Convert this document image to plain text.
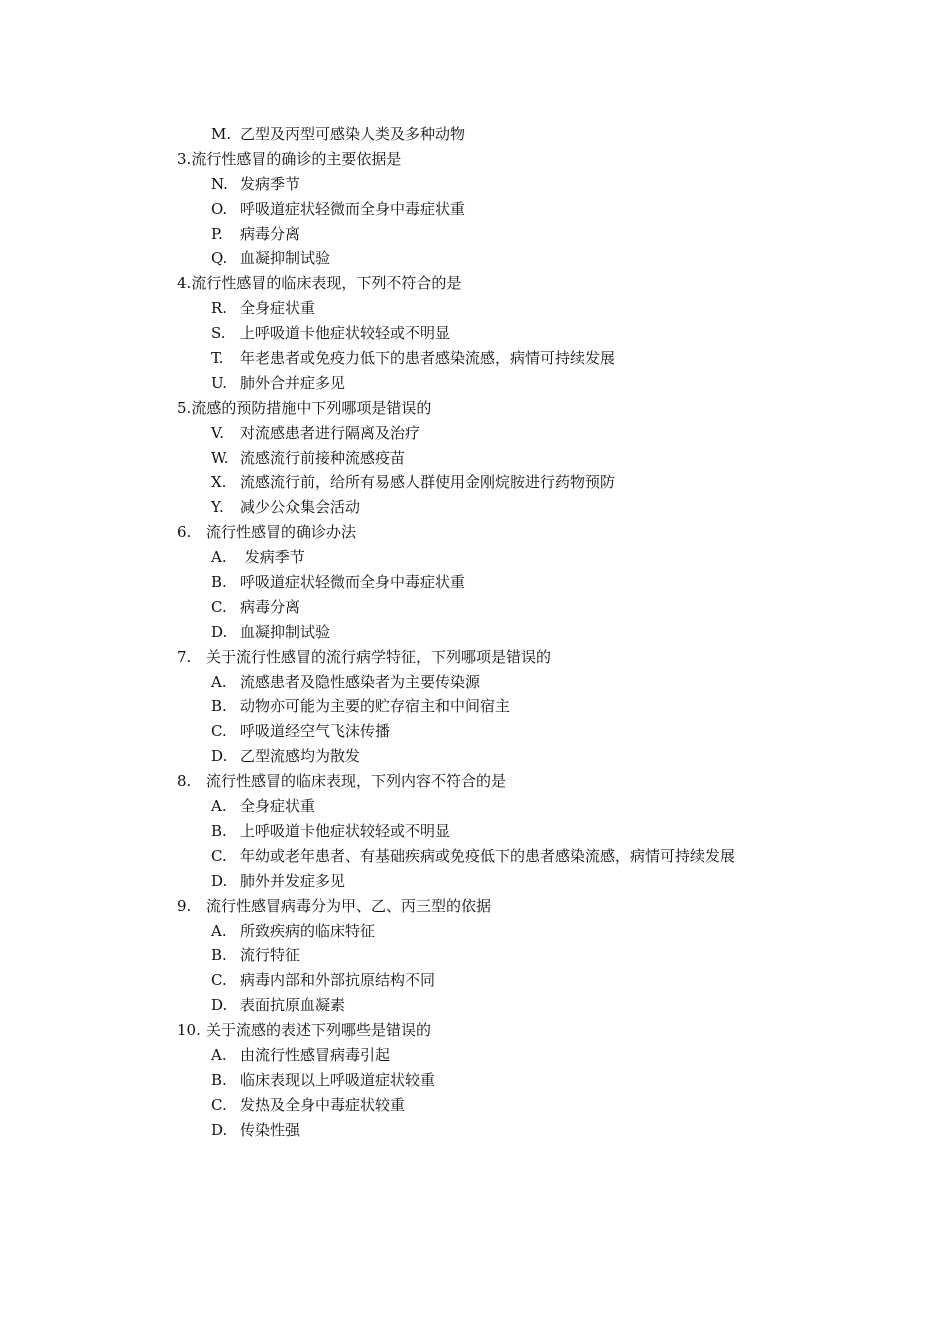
M. 乙型及丙型可感染人类及多种动物
3.流行性感冒的确诊的主要依据是
N. 发病季节
O. 呼吸道症状轻微而全身中毒症状重
P. 病毒分离
Q. 血凝抑制试验
4.流行性感冒的临床表现，下列不符合的是
R. 全身症状重
S. 上呼吸道卡他症状较轻或不明显
T. 年老患者或免疫力低下的患者感染流感，病情可持续发展
U. 肺外合并症多见
5.流感的预防措施中下列哪项是错误的
V. 对流感患者进行隔离及治疗
W. 流感流行前接种流感疫苗
X. 流感流行前，给所有易感人群使用金刚烷胺进行药物预防
Y. 减少公众集会活动
6. 流行性感冒的确诊办法
A. 发病季节
B. 呼吸道症状轻微而全身中毒症状重
C. 病毒分离
D. 血凝抑制试验
7. 关于流行性感冒的流行病学特征，下列哪项是错误的
A. 流感患者及隐性感染者为主要传染源
B. 动物亦可能为主要的贮存宿主和中间宿主
C. 呼吸道经空气飞沫传播
D. 乙型流感均为散发
8. 流行性感冒的临床表现，下列内容不符合的是
A. 全身症状重
B. 上呼吸道卡他症状较轻或不明显
C. 年幼或老年患者、有基础疾病或免疫低下的患者感染流感，病情可持续发展
D. 肺外并发症多见
9. 流行性感冒病毒分为甲、乙、丙三型的依据
A. 所致疾病的临床特征
B. 流行特征
C. 病毒内部和外部抗原结构不同
D. 表面抗原血凝素
10. 关于流感的表述下列哪些是错误的
A. 由流行性感冒病毒引起
B. 临床表现以上呼吸道症状较重
C. 发热及全身中毒症状较重
D. 传染性强
